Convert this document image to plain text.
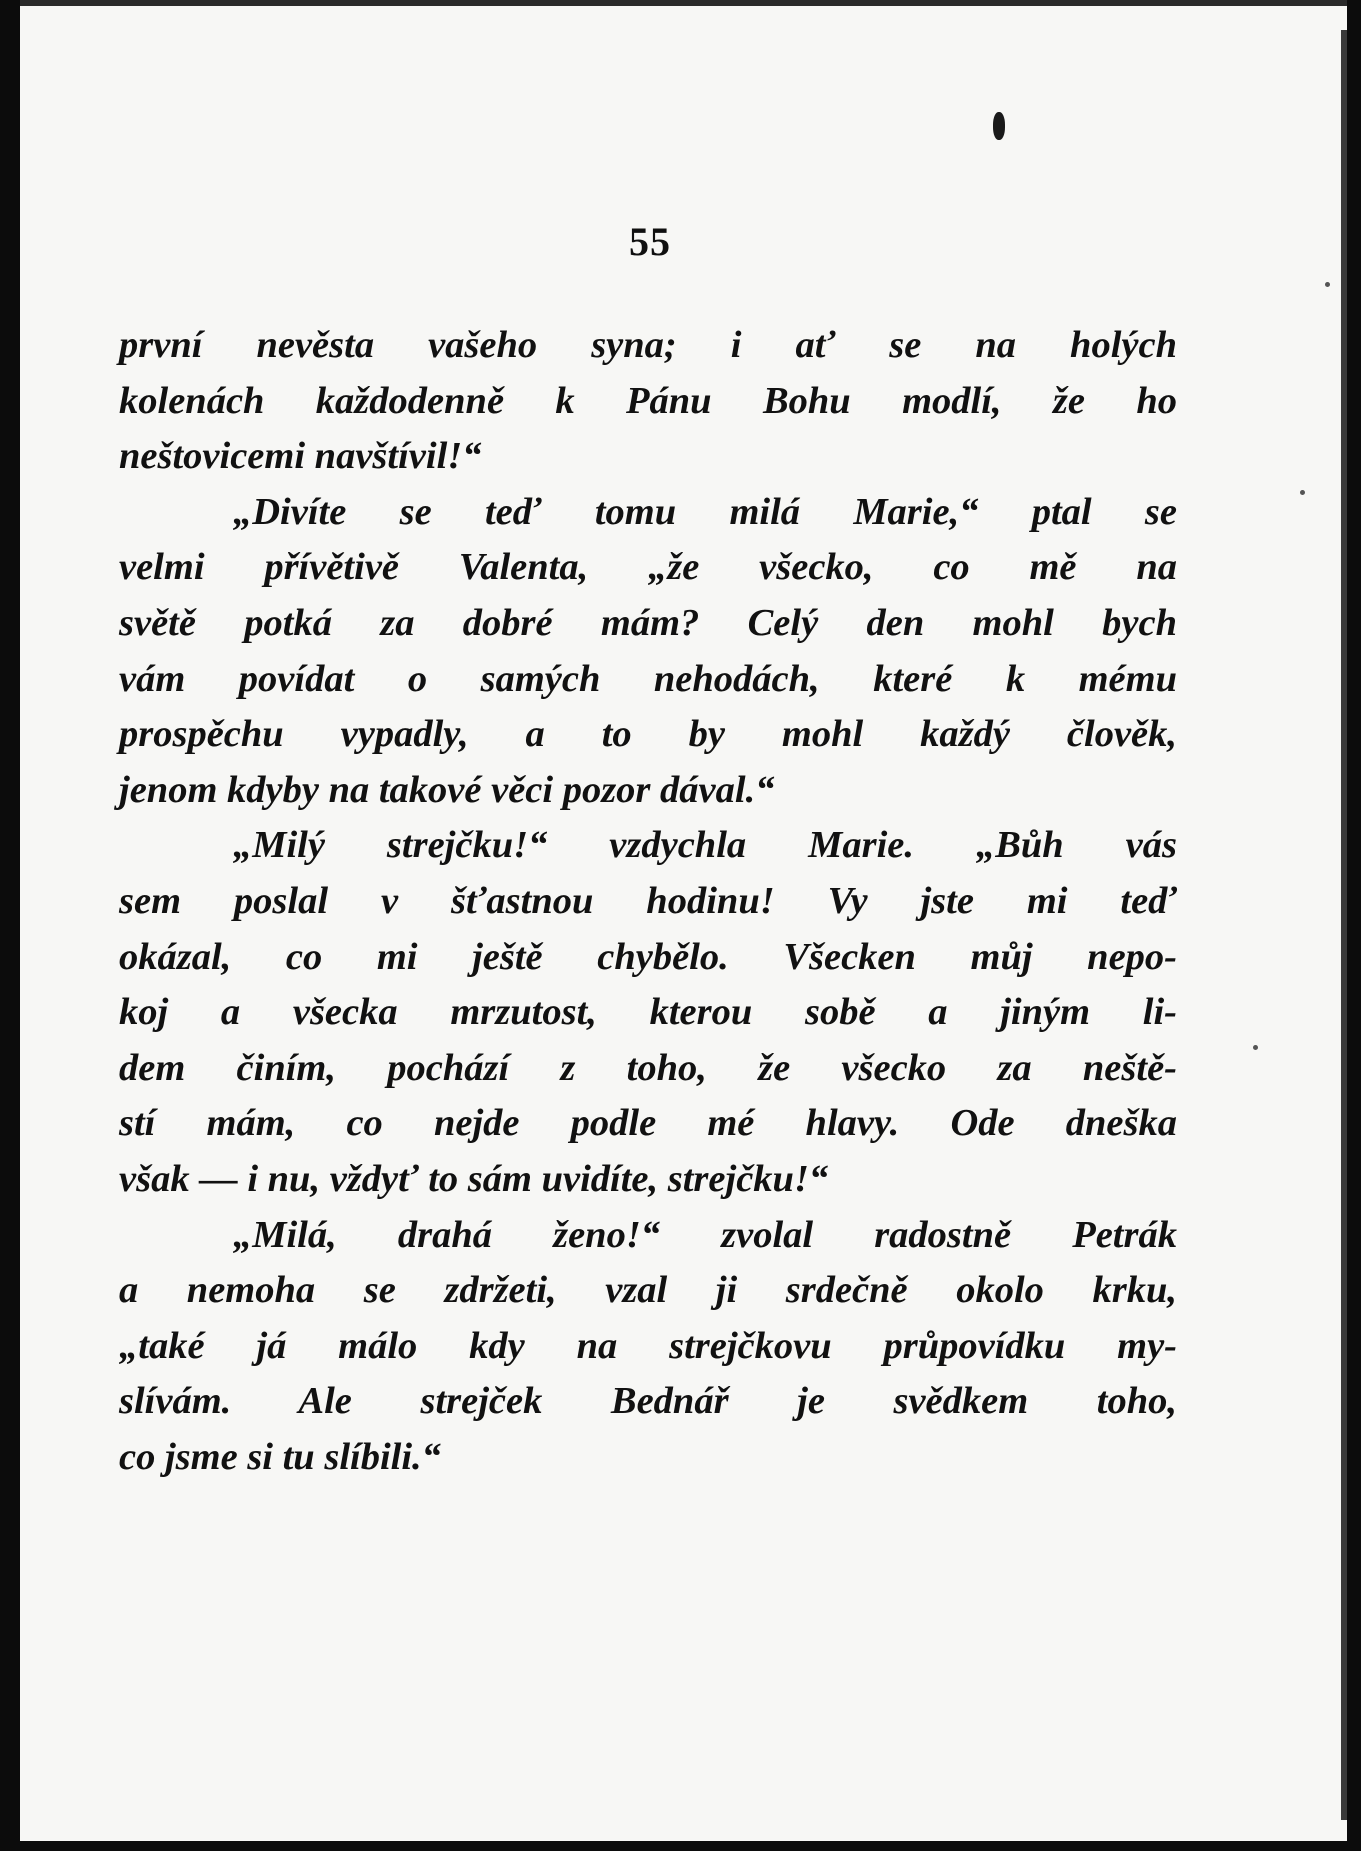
55
první nevěsta vašeho syna; i ať se na holých
kolenách každodenně k Pánu Bohu modlí, že ho
neštovicemi navštívil!“
„Divíte se teď tomu milá Marie,“ ptal se
velmi přívětivě Valenta, „že všecko, co mě na
světě potká za dobré mám? Celý den mohl bych
vám povídat o samých nehodách, které k mému
prospěchu vypadly, a to by mohl každý člověk,
jenom kdyby na takové věci pozor dával.“
„Milý strejčku!“ vzdychla Marie. „Bůh vás
sem poslal v šťastnou hodinu! Vy jste mi teď
okázal, co mi ještě chybělo. Všecken můj nepo-
koj a všecka mrzutost, kterou sobě a jiným li-
dem činím, pochází z toho, že všecko za neště-
stí mám, co nejde podle mé hlavy. Ode dneška
však — i nu, vždyť to sám uvidíte, strejčku!“
„Milá, drahá ženo!“ zvolal radostně Petrák
a nemoha se zdržeti, vzal ji srdečně okolo krku,
„také já málo kdy na strejčkovu průpovídku my-
slívám. Ale strejček Bednář je svědkem toho,
co jsme si tu slíbili.“
